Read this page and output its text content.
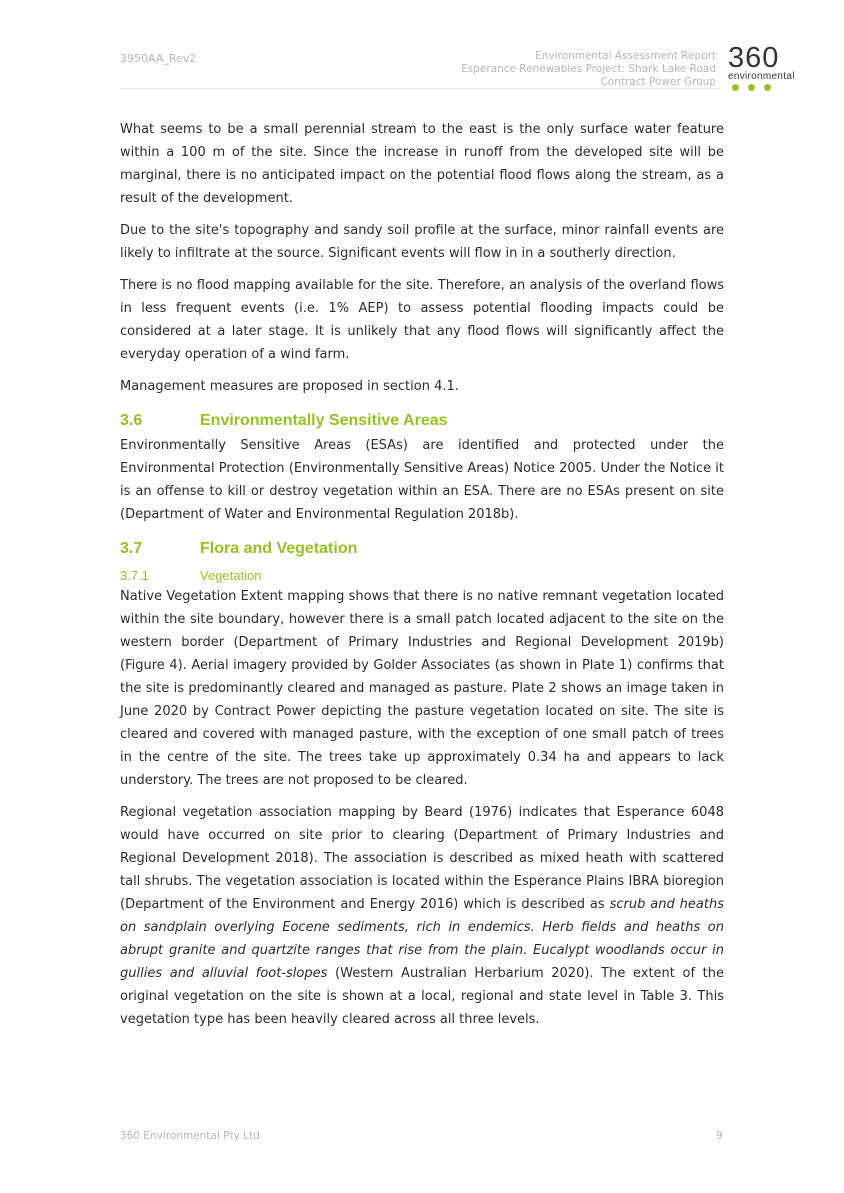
3950AA_Rev2	Environmental Assessment Report
Esperance Renewables Project: Shark Lake Road
Contract Power Group
360
environmental

What seems to be a small perennial stream to the east is the only surface water feature within a 100 m of the site. Since the increase in runoff from the developed site will be marginal, there is no anticipated impact on the potential flood flows along the stream, as a result of the development.

Due to the site's topography and sandy soil profile at the surface, minor rainfall events are likely to infiltrate at the source. Significant events will flow in in a southerly direction.

There is no flood mapping available for the site. Therefore, an analysis of the overland flows in less frequent events (i.e. 1% AEP) to assess potential flooding impacts could be considered at a later stage. It is unlikely that any flood flows will significantly affect the everyday operation of a wind farm.

Management measures are proposed in section 4.1.

3.6	Environmentally Sensitive Areas

Environmentally Sensitive Areas (ESAs) are identified and protected under the Environmental Protection (Environmentally Sensitive Areas) Notice 2005. Under the Notice it is an offense to kill or destroy vegetation within an ESA. There are no ESAs present on site (Department of Water and Environmental Regulation 2018b).

3.7	Flora and Vegetation
3.7.1	Vegetation

Native Vegetation Extent mapping shows that there is no native remnant vegetation located within the site boundary, however there is a small patch located adjacent to the site on the western border (Department of Primary Industries and Regional Development 2019b) (Figure 4). Aerial imagery provided by Golder Associates (as shown in Plate 1) confirms that the site is predominantly cleared and managed as pasture. Plate 2 shows an image taken in June 2020 by Contract Power depicting the pasture vegetation located on site. The site is cleared and covered with managed pasture, with the exception of one small patch of trees in the centre of the site. The trees take up approximately 0.34 ha and appears to lack understory. The trees are not proposed to be cleared.

Regional vegetation association mapping by Beard (1976) indicates that Esperance 6048 would have occurred on site prior to clearing (Department of Primary Industries and Regional Development 2018). The association is described as mixed heath with scattered tall shrubs. The vegetation association is located within the Esperance Plains IBRA bioregion (Department of the Environment and Energy 2016) which is described as scrub and heaths on sandplain overlying Eocene sediments, rich in endemics. Herb fields and heaths on abrupt granite and quartzite ranges that rise from the plain. Eucalypt woodlands occur in gullies and alluvial foot-slopes (Western Australian Herbarium 2020). The extent of the original vegetation on the site is shown at a local, regional and state level in Table 3. This vegetation type has been heavily cleared across all three levels.

360 Environmental Pty Ltd	9
